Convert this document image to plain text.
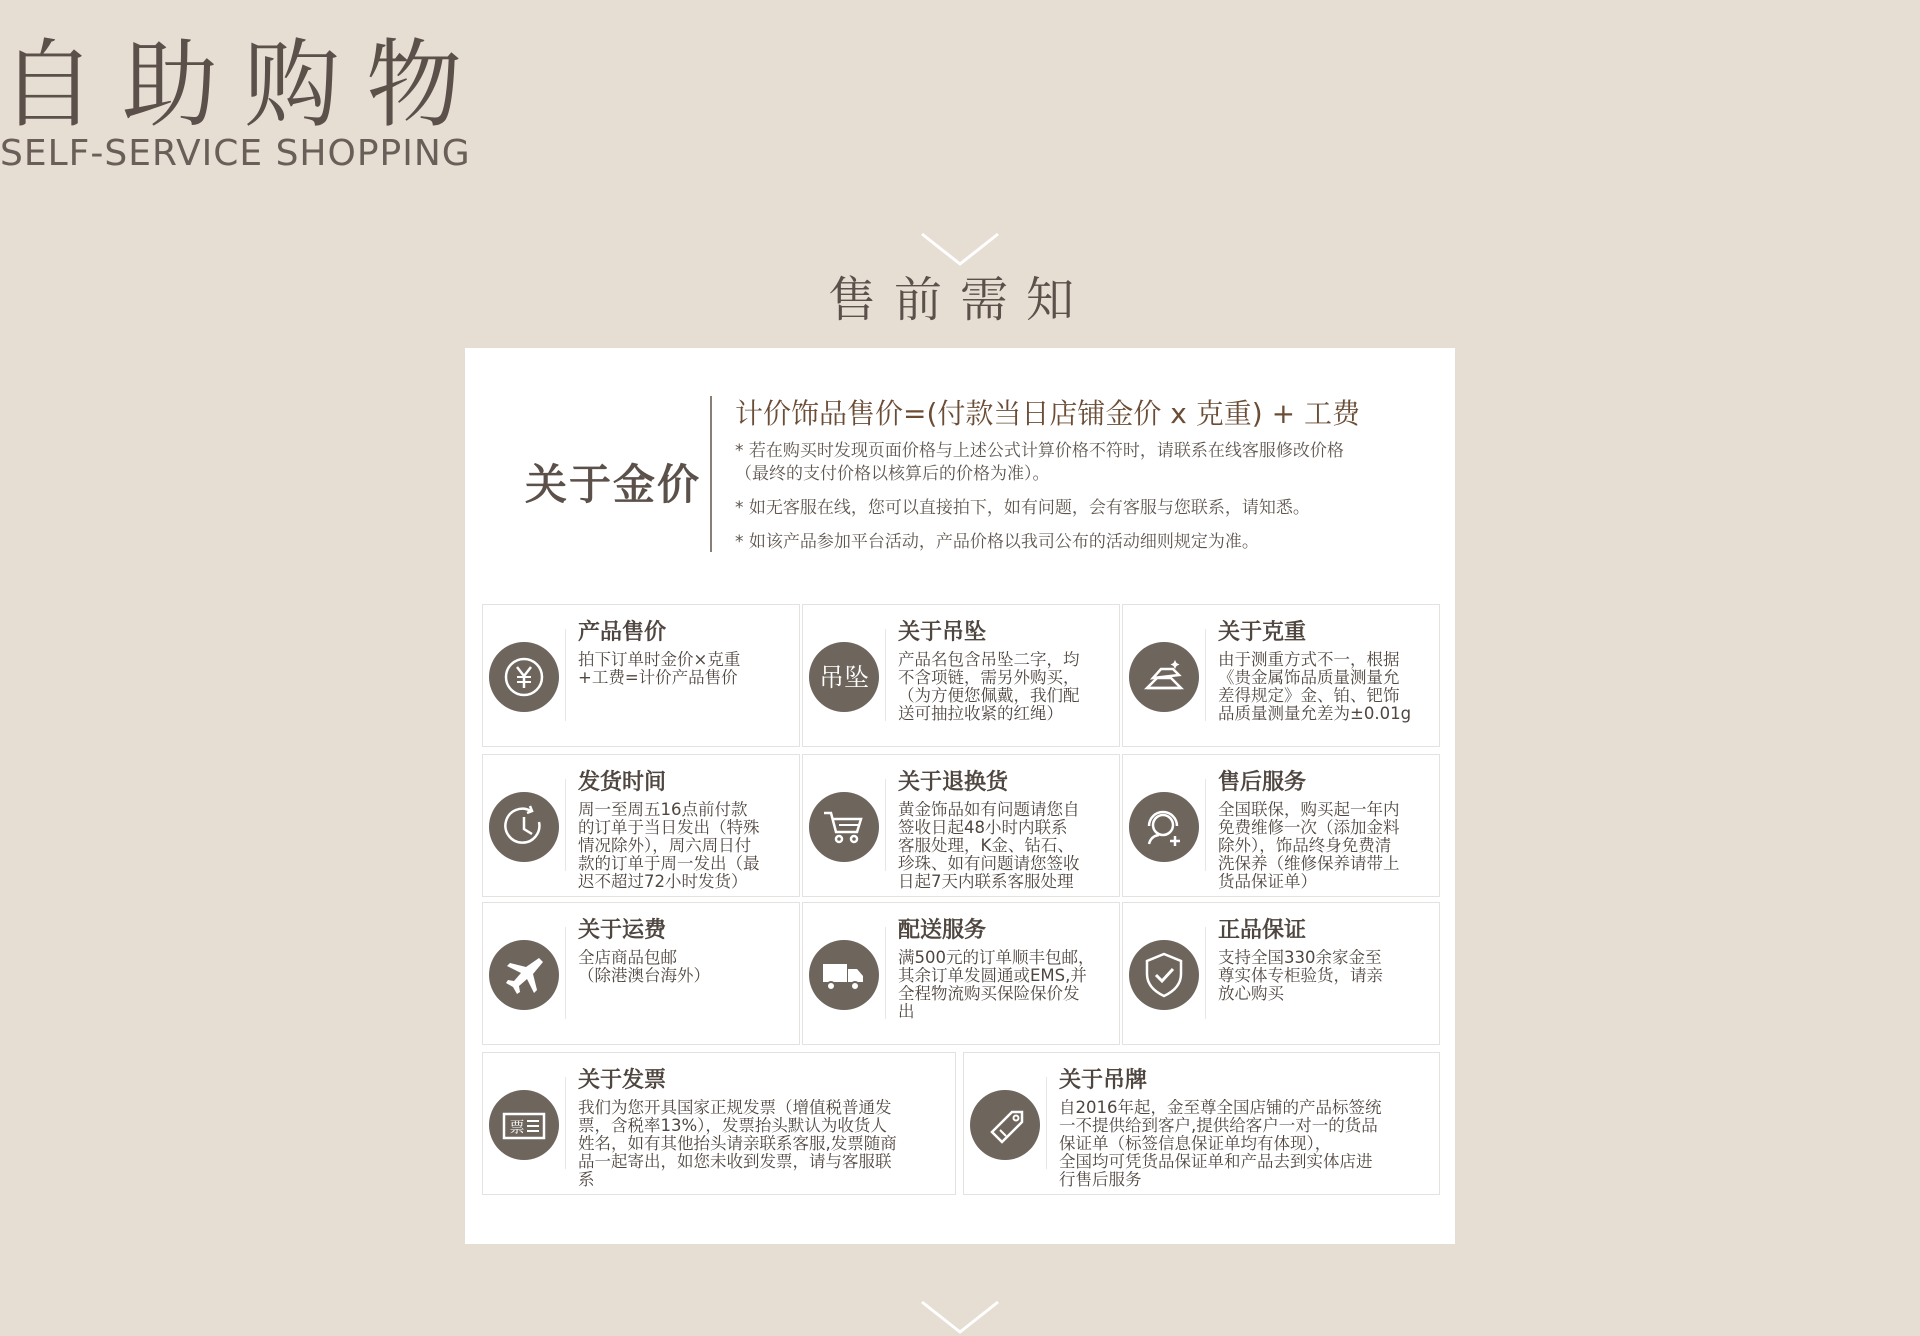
自助购物
SELF-SERVICE SHOPPING
售前需知
关于金价
计价饰品售价=(付款当日店铺金价 x 克重) + 工费
* 若在购买时发现页面价格与上述公式计算价格不符时，请联系在线客服修改价格
（最终的支付价格以核算后的价格为准）。
* 如无客服在线，您可以直接拍下，如有问题，会有客服与您联系，请知悉。
* 如该产品参加平台活动，产品价格以我司公布的活动细则规定为准。
产品售价
拍下订单时金价×克重
+工费=计价产品售价	吊坠
关于吊坠
产品名包含吊坠二字，均
不含项链，需另外购买，
（为方便您佩戴，我们配
送可抽拉收紧的红绳）
关于克重
由于测重方式不一，根据
《贵金属饰品质量测量允
差得规定》金、铂、钯饰
品质量测量允差为±0.01g
发货时间
周一至周五16点前付款
的订单于当日发出（特殊
情况除外），周六周日付
款的订单于周一发出（最
迟不超过72小时发货）
关于退换货
黄金饰品如有问题请您自
签收日起48小时内联系
客服处理，K金、钻石、
珍珠、如有问题请您签收
日起7天内联系客服处理
售后服务
全国联保，购买起一年内
免费维修一次（添加金料
除外），饰品终身免费清
洗保养（维修保养请带上
货品保证单）
关于运费
全店商品包邮
（除港澳台海外）
配送服务
满500元的订单顺丰包邮，
其余订单发圆通或EMS,并
全程物流购买保险保价发
出
正品保证
支持全国330余家金至
尊实体专柜验货，请亲
放心购买
票
关于发票
我们为您开具国家正规发票（增值税普通发
票，含税率13%），发票抬头默认为收货人
姓名，如有其他抬头请亲联系客服,发票随商
品一起寄出，如您未收到发票，请与客服联
系
关于吊牌
自2016年起，金至尊全国店铺的产品标签统
一不提供给到客户,提供给客户一对一的货品
保证单（标签信息保证单均有体现），
全国均可凭货品保证单和产品去到实体店进
行售后服务
